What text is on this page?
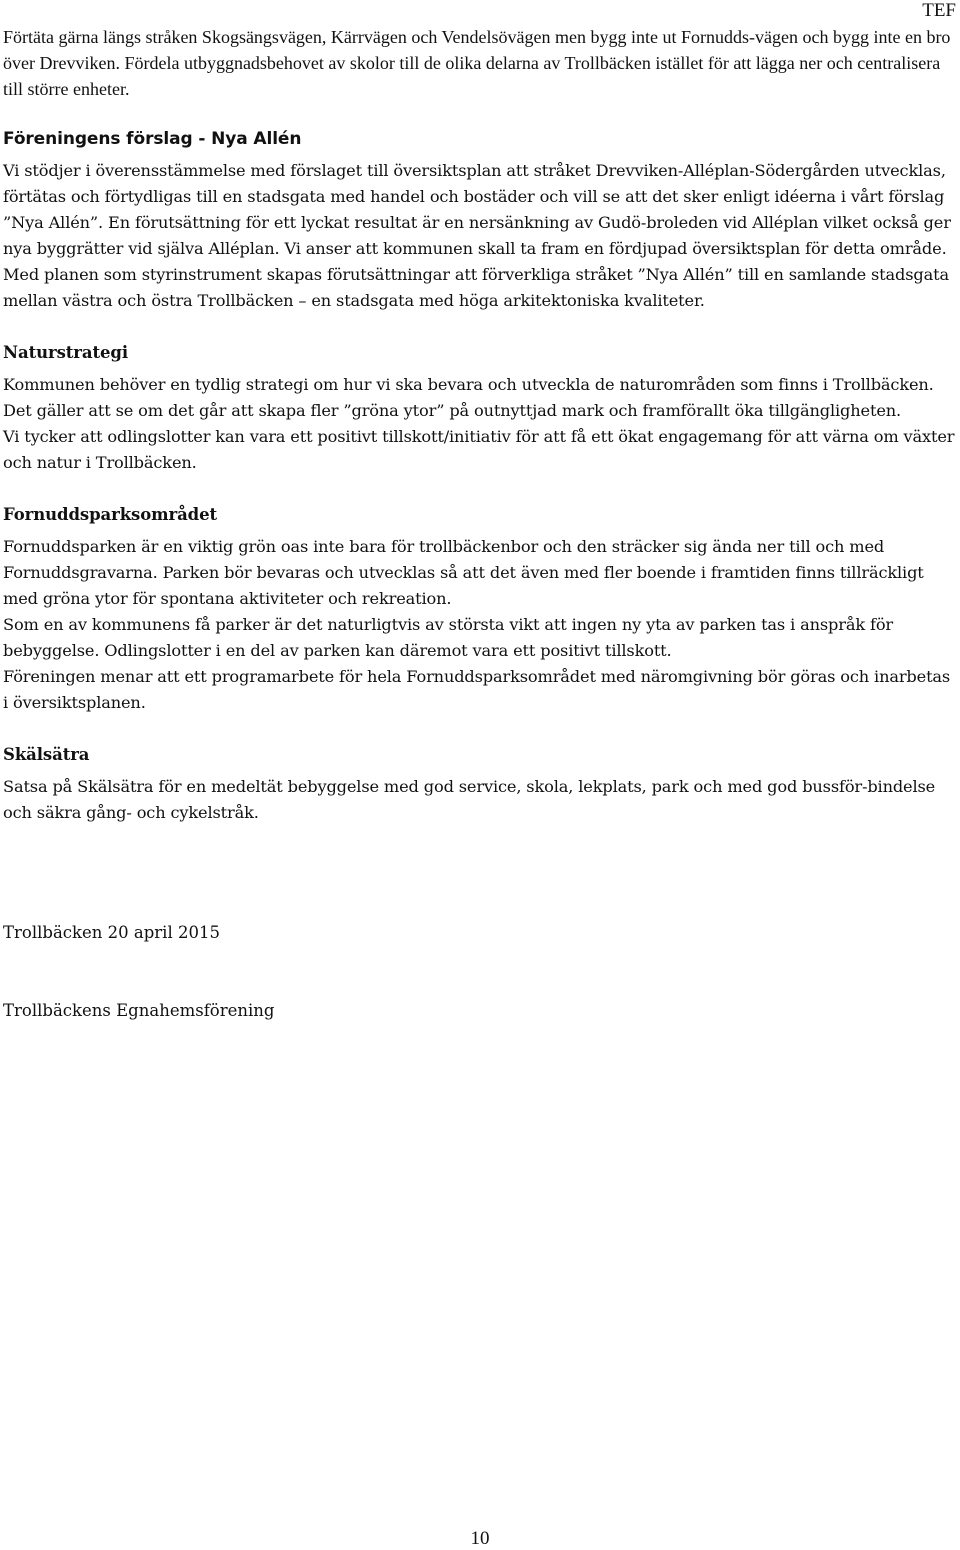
TEF

Förtäta gärna längs stråken Skogsängsvägen, Kärrvägen och Vendelsövägen men bygg inte ut Fornudds-vägen och bygg inte en bro över Drevviken. Fördela utbyggnadsbehovet av skolor till de olika delarna av Trollbäcken istället för att lägga ner och centralisera till större enheter.

Föreningens förslag - Nya Allén

Vi stödjer i överensstämmelse med förslaget till översiktsplan att stråket Drevviken-Alléplan-Södergården utvecklas, förtätas och förtydligas till en stadsgata med handel och bostäder och vill se att det sker enligt idéerna i vårt förslag ”Nya Allén”. En förutsättning för ett lyckat resultat är en nersänkning av Gudö-broleden vid Alléplan vilket också ger nya byggrätter vid själva Alléplan. Vi anser att kommunen skall ta fram en fördjupad översiktsplan för detta område. Med planen som styrinstrument skapas förutsättningar att förverkliga stråket ”Nya Allén” till en samlande stadsgata mellan västra och östra Trollbäcken – en stadsgata med höga arkitektoniska kvaliteter.

Naturstrategi

Kommunen behöver en tydlig strategi om hur vi ska bevara och utveckla de naturområden som finns i Trollbäcken. Det gäller att se om det går att skapa fler ”gröna ytor” på outnyttjad mark och framförallt öka tillgängligheten.

Vi tycker att odlingslotter kan vara ett positivt tillskott/initiativ för att få ett ökat engagemang för att värna om växter och natur i Trollbäcken.

Fornuddsparksområdet

Fornuddsparken är en viktig grön oas inte bara för trollbäckenbor och den sträcker sig ända ner till och med Fornuddsgravarna. Parken bör bevaras och utvecklas så att det även med fler boende i framtiden finns tillräckligt med gröna ytor för spontana aktiviteter och rekreation.

Som en av kommunens få parker är det naturligtvis av största vikt att ingen ny yta av parken tas i anspråk för bebyggelse. Odlingslotter i en del av parken kan däremot vara ett positivt tillskott.

Föreningen menar att ett programarbete för hela Fornuddsparksområdet med näromgivning bör göras och inarbetas i översiktsplanen.

Skälsätra

Satsa på Skälsätra för en medeltät bebyggelse med god service, skola, lekplats, park och med god bussför-bindelse och säkra gång- och cykelstråk.

Trollbäcken 20 april 2015
Trollbäckens Egnahemsförening
10
